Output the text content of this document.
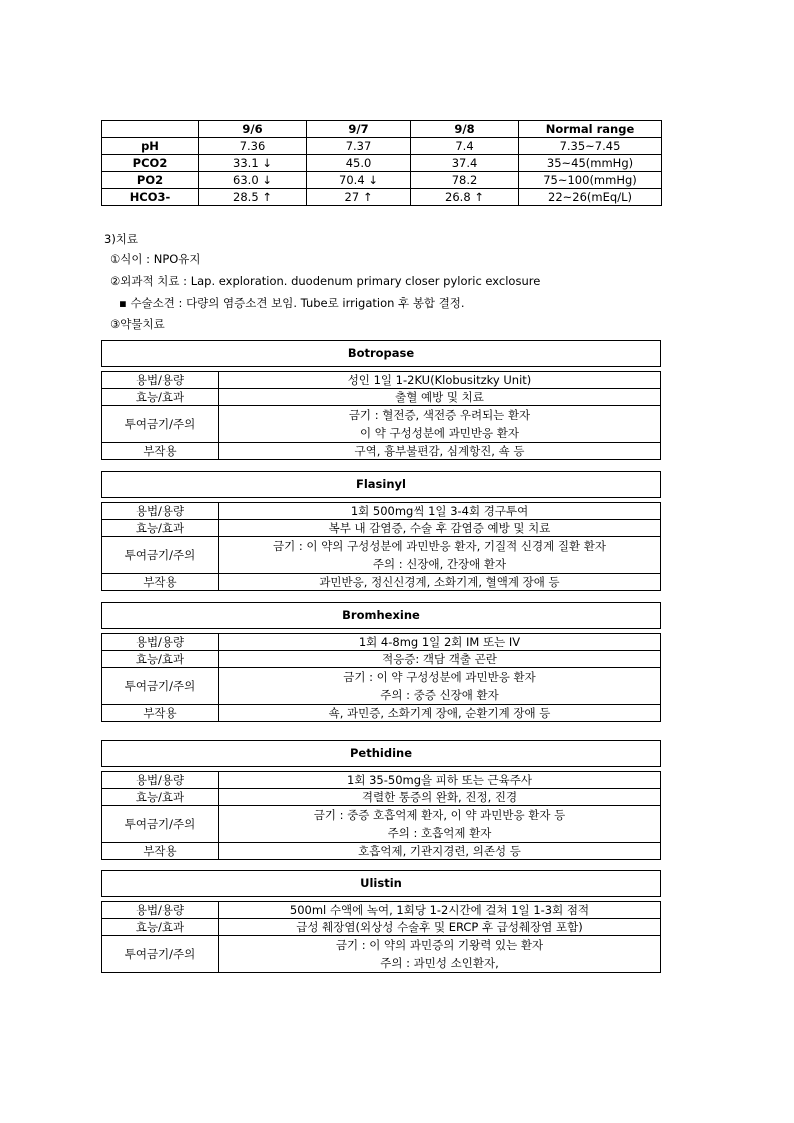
	9/6	9/7	9/8	Normal range
pH	7.36	7.37	7.4	7.35~7.45
PCO2	33.1 ↓	45.0	37.4	35~45(mmHg)
PO2	63.0 ↓	70.4 ↓	78.2	75~100(mmHg)
HCO3-	28.5 ↑	27 ↑	26.8 ↑	22~26(mEq/L)
3)치료
①식이 : NPO유지
②외과적 치료 : Lap. exploration. duodenum primary closer pyloric exclosure
▪ 수술소견 : 다량의 염증소견 보임. Tube로 irrigation 후 봉합 결정.
③약물치료
Botropase	

용법/용량	성인 1일 1-2KU(Klobusitzky Unit)
효능/효과	출혈 예방 및 치료
투여금기/주의	금기 : 혈전증, 색전증 우려되는 환자
이 약 구성성분에 과민반응 환자

부작용	구역, 흉부불편감, 심계항진, 쇽 등
Flasinyl	

용법/용량	1회 500mg씩 1일 3-4회 경구투여
효능/효과	복부 내 감염증, 수술 후 감염증 예방 및 치료
투여금기/주의	금기 : 이 약의 구성성분에 과민반응 환자, 기질적 신경계 질환 환자
주의 : 신장애, 간장애 환자

부작용	과민반응, 정신신경계, 소화기계, 혈액계 장애 등
Bromhexine	

용법/용량	1회 4-8mg 1일 2회 IM 또는 IV
효능/효과	적응증: 객담 객출 곤란
투여금기/주의	금기 : 이 약 구성성분에 과민반응 환자
주의 : 중증 신장애 환자

부작용	쇽, 과민증, 소화기계 장애, 순환기계 장애 등
Pethidine	

용법/용량	1회 35-50mg을 피하 또는 근육주사
효능/효과	격렬한 통증의 완화, 진정, 진경
투여금기/주의	금기 : 중증 호흡억제 환자, 이 약 과민반응 환자 등
주의 : 호흡억제 환자

부작용	호흡억제, 기관지경련, 의존성 등
Ulistin	

용법/용량	500ml 수액에 녹여, 1회당 1-2시간에 걸쳐 1일 1-3회 점적
효능/효과	급성 췌장염(외상성 수술후 및 ERCP 후 급성췌장염 포함)
투여금기/주의	금기 : 이 약의 과민증의 기왕력 있는 환자
주의 : 과민성 소인환자,
